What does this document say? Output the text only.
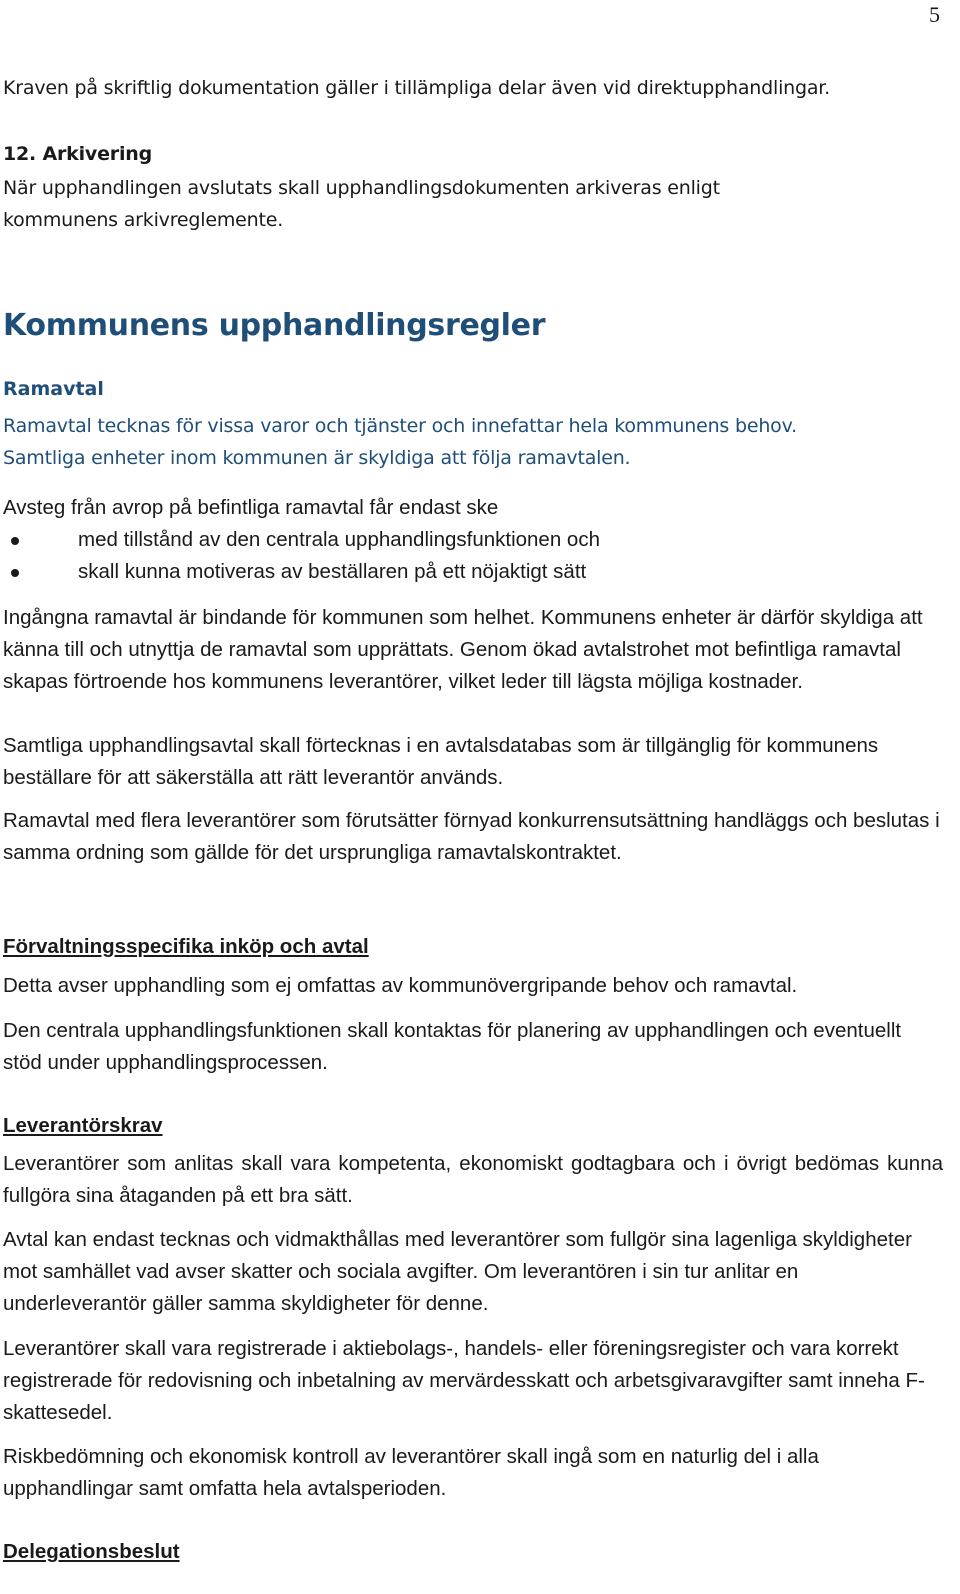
5

Kraven på skriftlig dokumentation gäller i tillämpliga delar även vid direktupphandlingar.

12. Arkivering

När upphandlingen avslutats skall upphandlingsdokumenten arkiveras enligt

kommunens arkivreglemente.

Kommunens upphandlingsregler
Ramavtal

Ramavtal tecknas för vissa varor och tjänster och innefattar hela kommunens behov.

Samtliga enheter inom kommunen är skyldiga att följa ramavtalen.

Avsteg från avrop på befintliga ramavtal får endast ske

med tillstånd av den centrala upphandlingsfunktionen och
skall kunna motiveras av beställaren på ett nöjaktigt sätt

Ingångna ramavtal är bindande för kommunen som helhet. Kommunens enheter är därför skyldiga att känna till och utnyttja de ramavtal som upprättats. Genom ökad avtalstrohet mot befintliga ramavtal skapas förtroende hos kommunens leverantörer, vilket leder till lägsta möjliga kostnader.

Samtliga upphandlingsavtal skall förtecknas i en avtalsdatabas som är tillgänglig för kommunens beställare för att säkerställa att rätt leverantör används.

Ramavtal med flera leverantörer som förutsätter förnyad konkurrensutsättning handläggs och beslutas i samma ordning som gällde för det ursprungliga ramavtalskontraktet.

Förvaltningsspecifika inköp och avtal

Detta avser upphandling som ej omfattas av kommunövergripande behov och ramavtal.

Den centrala upphandlingsfunktionen skall kontaktas för planering av upphandlingen och eventuellt stöd under upphandlingsprocessen.

Leverantörskrav

Leverantörer som anlitas skall vara kompetenta, ekonomiskt godtagbara och i övrigt bedömas kunna fullgöra sina åtaganden på ett bra sätt.

Avtal kan endast tecknas och vidmakthållas med leverantörer som fullgör sina lagenliga skyldigheter mot samhället vad avser skatter och sociala avgifter. Om leverantören i sin tur anlitar en underleverantör gäller samma skyldigheter för denne.

Leverantörer skall vara registrerade i aktiebolags-, handels- eller föreningsregister och vara korrekt registrerade för redovisning och inbetalning av mervärdesskatt och arbetsgivaravgifter samt inneha F-skattesedel.

Riskbedömning och ekonomisk kontroll av leverantörer skall ingå som en naturlig del i alla upphandlingar samt omfatta hela avtalsperioden.

Delegationsbeslut
